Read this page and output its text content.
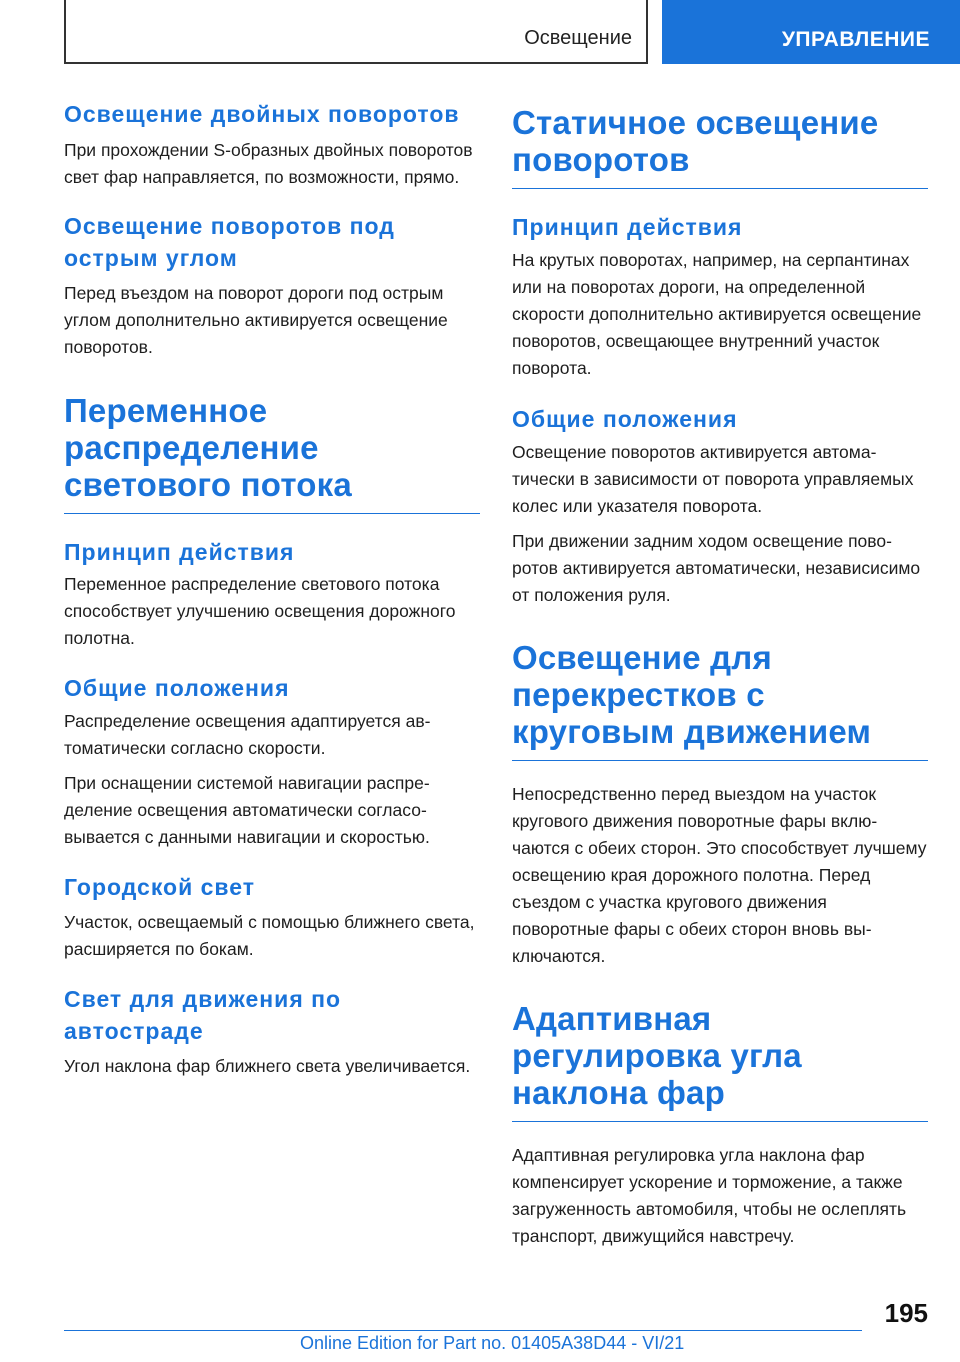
Освещение	УПРАВЛЕНИЕ
Освещение двойных поворотов

При прохождении S-образных двойных поворотов свет фар направляется, по возможности, прямо.

Освещение поворотов под острым углом

Перед въездом на поворот дороги под острым углом дополнительно активируется освещение поворотов.

Переменное распределение светового потока
Принцип действия

Переменное распределение светового потока способствует улучшению освещения дорожного полотна.

Общие положения

Распределение освещения адаптируется автоматически согласно скорости.

При оснащении системой навигации распределение освещения автоматически согласовывается с данными навигации и скоростью.

Городской свет

Участок, освещаемый с помощью ближнего света, расширяется по бокам.

Свет для движения по автостраде

Угол наклона фар ближнего света увеличивается.

Статичное освещение поворотов
Принцип действия

На крутых поворотах, например, на серпантинах или на поворотах дороги, на определенной скорости дополнительно активируется освещение поворотов, освещающее внутренний участок поворота.

Общие положения

Освещение поворотов активируется автоматически в зависимости от поворота управляемых колес или указателя поворота.

При движении задним ходом освещение поворотов активируется автоматически, независисимо от положения руля.

Освещение для перекрестков с круговым движением

Непосредственно перед выездом на участок кругового движения поворотные фары включаются с обеих сторон. Это способствует лучшему освещению края дорожного полотна. Перед съездом с участка кругового движения поворотные фары с обеих сторон вновь выключаются.

Адаптивная регулировка угла наклона фар

Адаптивная регулировка угла наклона фар компенсирует ускорение и торможение, а также загруженность автомобиля, чтобы не ослеплять транспорт, движущийся навстречу.

195
Online Edition for Part no. 01405A38D44 - VI/21
